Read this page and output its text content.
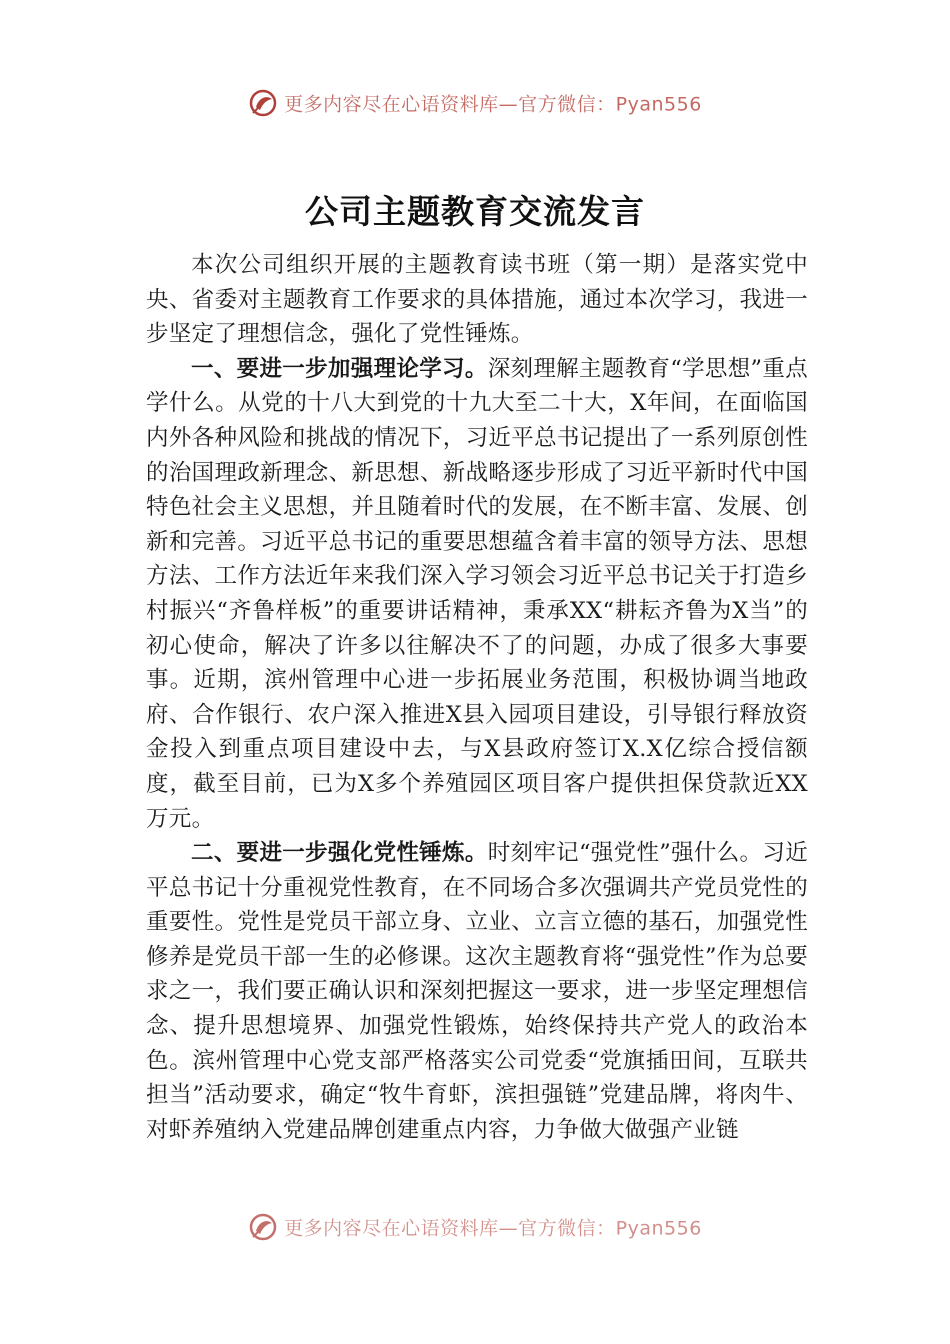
更多内容尽在心语资料库—官方微信：Pyan556
公司主题教育交流发言

本次公司组织开展的主题教育读书班（第一期）是落实党中央、省委对主题教育工作要求的具体措施，通过本次学习，我进一步坚定了理想信念，强化了党性锤炼。

一、要进一步加强理论学习。深刻理解主题教育“学思想”重点学什么。从党的十八大到党的十九大至二十大，X年间，在面临国内外各种风险和挑战的情况下，习近平总书记提出了一系列原创性的治国理政新理念、新思想、新战略逐步形成了习近平新时代中国特色社会主义思想，并且随着时代的发展，在不断丰富、发展、创新和完善。习近平总书记的重要思想蕴含着丰富的领导方法、思想方法、工作方法近年来我们深入学习领会习近平总书记关于打造乡村振兴“齐鲁样板”的重要讲话精神，秉承XX“耕耘齐鲁为X当”的初心使命，解决了许多以往解决不了的问题，办成了很多大事要事。近期，滨州管理中心进一步拓展业务范围，积极协调当地政府、合作银行、农户深入推进X县入园项目建设，引导银行释放资金投入到重点项目建设中去，与X县政府签订X.X亿综合授信额度，截至目前，已为X多个养殖园区项目客户提供担保贷款近XX万元。

二、要进一步强化党性锤炼。时刻牢记“强党性”强什么。习近平总书记十分重视党性教育，在不同场合多次强调共产党员党性的重要性。党性是党员干部立身、立业、立言立德的基石，加强党性修养是党员干部一生的必修课。这次主题教育将“强党性”作为总要求之一，我们要正确认识和深刻把握这一要求，进一步坚定理想信念、提升思想境界、加强党性锻炼，始终保持共产党人的政治本色。滨州管理中心党支部严格落实公司党委“党旗插田间，互联共担当”活动要求，确定“牧牛育虾，滨担强链”党建品牌，将肉牛、对虾养殖纳入党建品牌创建重点内容，力争做大做强产业链

更多内容尽在心语资料库—官方微信：Pyan556
